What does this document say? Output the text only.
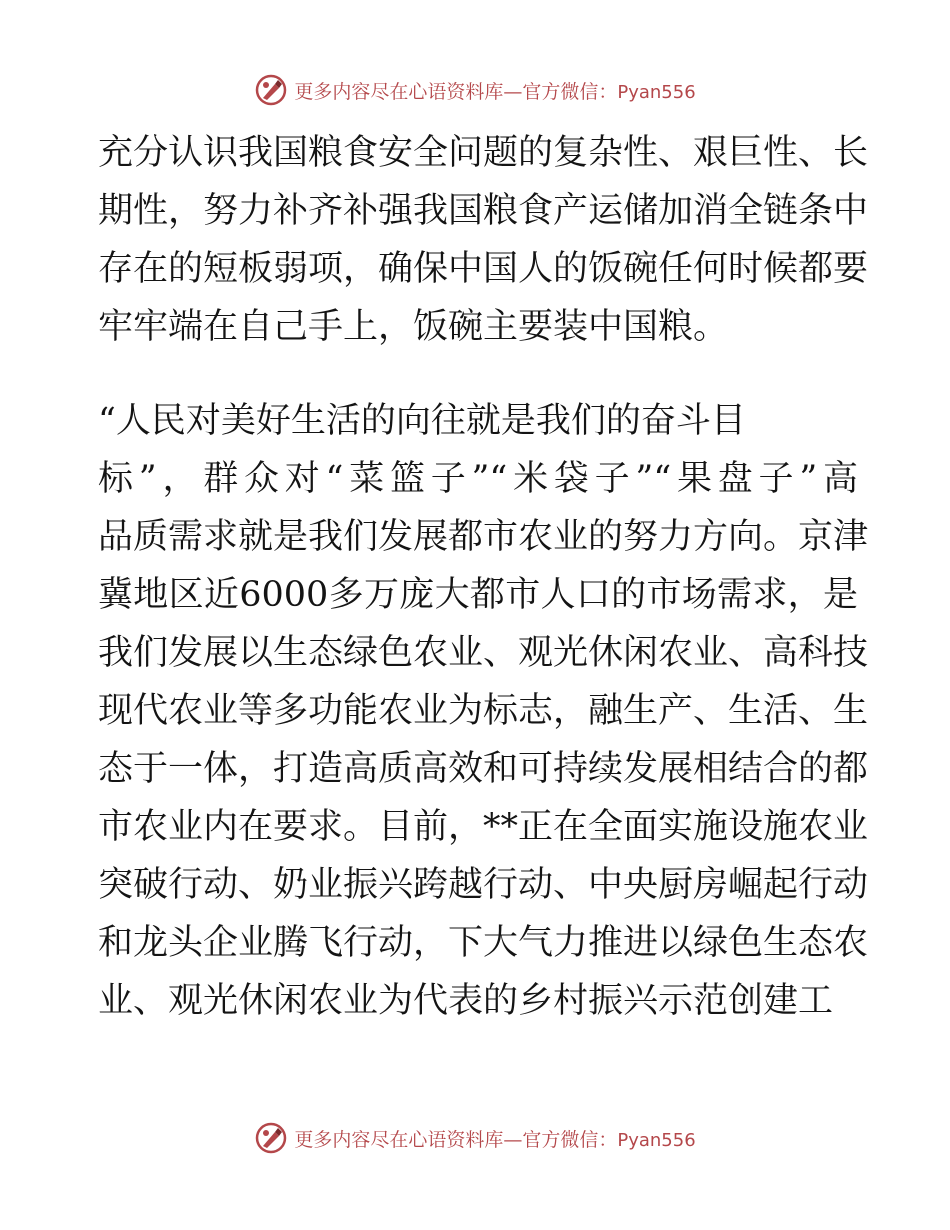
更多内容尽在心语资料库—官方微信：Pyan556
充分认识我国粮食安全问题的复杂性、艰巨性、长
期性，努力补齐补强我国粮食产运储加消全链条中
存在的短板弱项，确保中国人的饭碗任何时候都要
牢牢端在自己手上，饭碗主要装中国粮。
“人民对美好生活的向往就是我们的奋斗目
标”，群众对“菜篮子”“米袋子”“果盘子”高
品质需求就是我们发展都市农业的努力方向。京津
冀地区近6000多万庞大都市人口的市场需求，是
我们发展以生态绿色农业、观光休闲农业、高科技
现代农业等多功能农业为标志，融生产、生活、生
态于一体，打造高质高效和可持续发展相结合的都
市农业内在要求。目前，**正在全面实施设施农业
突破行动、奶业振兴跨越行动、中央厨房崛起行动
和龙头企业腾飞行动，下大气力推进以绿色生态农
业、观光休闲农业为代表的乡村振兴示范创建工
更多内容尽在心语资料库—官方微信：Pyan556
